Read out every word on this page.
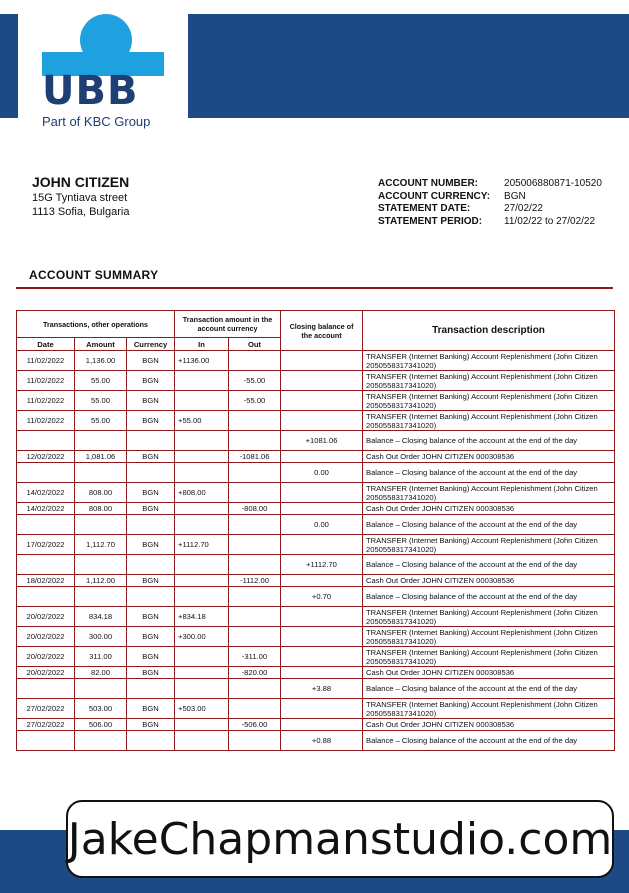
UBB
Part of KBC Group
JOHN CITIZEN
15G Tyntiava street
1113 Sofia, Bulgaria
ACCOUNT NUMBER:	205006880871-10520
ACCOUNT CURRENCY:	BGN
STATEMENT DATE:	27/02/22
STATEMENT PERIOD:	11/02/22 to 27/02/22
ACCOUNT SUMMARY
Transactions, other operations			Transaction amount in the account currency		Closing balance of the account	Transaction description
Date	Amount	Currency	In	Out		
11/02/2022	1,136.00	BGN	+1136.00			TRANSFER (Internet Banking) Account Replenishment (John Citizen 2050558317341020)
11/02/2022	55.00	BGN		-55.00		TRANSFER (Internet Banking) Account Replenishment (John Citizen 2050558317341020)
11/02/2022	55.00	BGN		-55.00		TRANSFER (Internet Banking) Account Replenishment (John Citizen 2050558317341020)
11/02/2022	55.00	BGN	+55.00			TRANSFER (Internet Banking) Account Replenishment (John Citizen 2050558317341020)
					+1081.06	Balance – Closing balance of the account at the end of the day
12/02/2022	1,081.06	BGN		-1081.06		Cash Out Order JOHN CITIZEN 000308536
					0.00	Balance – Closing balance of the account at the end of the day
14/02/2022	808.00	BGN	+808.00			TRANSFER (Internet Banking) Account Replenishment (John Citizen 2050558317341020)
14/02/2022	808.00	BGN		-808.00		Cash Out Order JOHN CITIZEN 000308536
					0.00	Balance – Closing balance of the account at the end of the day
17/02/2022	1,112.70	BGN	+1112.70			TRANSFER (Internet Banking) Account Replenishment (John Citizen 2050558317341020)
					+1112.70	Balance – Closing balance of the account at the end of the day
18/02/2022	1,112.00	BGN		-1112.00		Cash Out Order JOHN CITIZEN 000308536
					+0.70	Balance – Closing balance of the account at the end of the day
20/02/2022	834.18	BGN	+834.18			TRANSFER (Internet Banking) Account Replenishment (John Citizen 2050558317341020)
20/02/2022	300.00	BGN	+300.00			TRANSFER (Internet Banking) Account Replenishment (John Citizen 2050558317341020)
20/02/2022	311.00	BGN		-311.00		TRANSFER (Internet Banking) Account Replenishment (John Citizen 2050558317341020)
20/02/2022	82.00	BGN		-820.00		Cash Out Order JOHN CITIZEN 000308536
					+3.88	Balance – Closing balance of the account at the end of the day
27/02/2022	503.00	BGN	+503.00			TRANSFER (Internet Banking) Account Replenishment (John Citizen 2050558317341020)
27/02/2022	506.00	BGN		-506.00		Cash Out Order JOHN CITIZEN 000308536
					+0.88	Balance – Closing balance of the account at the end of the day
JakeChapmanstudio.com
